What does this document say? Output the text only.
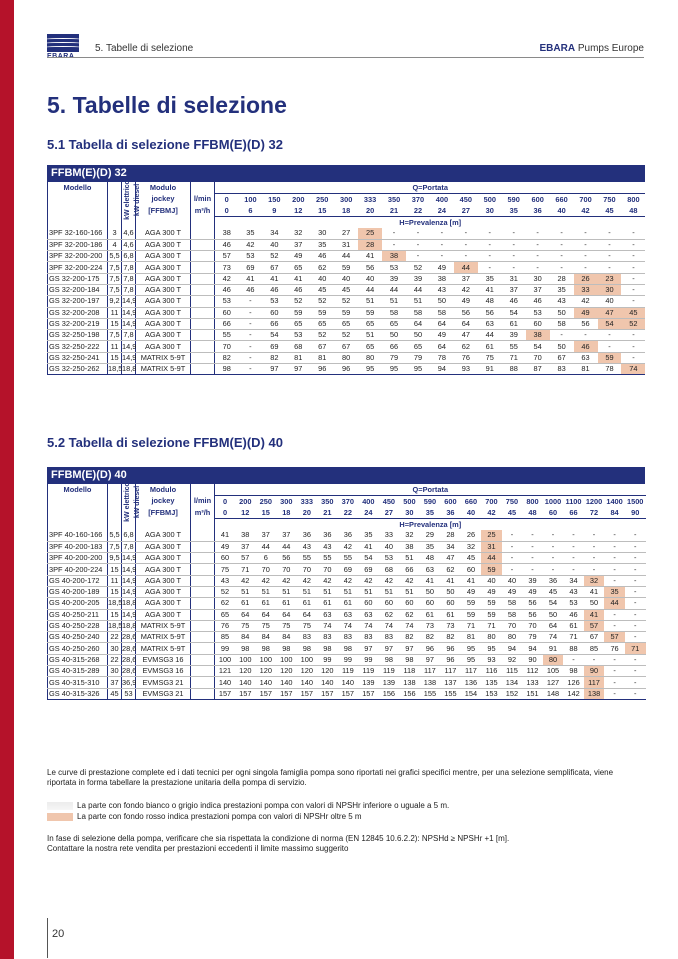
EBARA
5. Tabelle di selezione	EBARA Pumps Europe
5. Tabelle di selezione
5.1 Tabella di selezione FFBM(E)(D) 32
FFBM(E)(D) 32
Modello	kW elettrico	kW diesel	Modulo		Q=Portata																	
			jockey	l/min	0	100	150	200	250	300	333	350	370	400	450	500	590	600	660	700	750	800
			[FFBMJ]	m³/h	0	6	9	12	15	18	20	21	22	24	27	30	35	36	40	42	45	48
					H=Prevalenza [m]																	
3PF 32-160-166	3	4,6	AGA 300 T		38	35	34	32	30	27	25	-	-	-	-	-	-	-	-	-	-	-
3PF 32-200-186	4	4,6	AGA 300 T		46	42	40	37	35	31	28	-	-	-	-	-	-	-	-	-	-	-
3PF 32-200-200	5,5	6,8	AGA 300 T		57	53	52	49	46	44	41	38	-	-	-	-	-	-	-	-	-	-
3PF 32-200-224	7,5	7,8	AGA 300 T		73	69	67	65	62	59	56	53	52	49	44	-	-	-	-	-	-	-
GS 32-200-175	7,5	7,8	AGA 300 T		42	41	41	41	40	40	40	39	39	38	37	35	31	30	28	26	23	-
GS 32-200-184	7,5	7,8	AGA 300 T		46	46	46	46	45	45	44	44	44	43	42	41	37	37	35	33	30	-
GS 32-200-197	9,2	14,9	AGA 300 T		53	-	53	52	52	52	51	51	51	50	49	48	46	46	43	42	40	-
GS 32-200-208	11	14,9	AGA 300 T		60	-	60	59	59	59	59	58	58	58	56	56	54	53	50	49	47	45
GS 32-200-219	15	14,9	AGA 300 T		66	-	66	65	65	65	65	65	64	64	64	63	61	60	58	56	54	52
GS 32-250-198	7,5	7,8	AGA 300 T		55	-	54	53	52	52	51	50	50	49	47	44	39	38	-	-	-	-
GS 32-250-222	11	14,9	AGA 300 T		70	-	69	68	67	67	65	66	65	64	62	61	55	54	50	46	-	-
GS 32-250-241	15	14,9	MATRIX 5-9T		82	-	82	81	81	80	80	79	79	78	76	75	71	70	67	63	59	-
GS 32-250-262	18,5	18,8	MATRIX 5-9T		98	-	97	97	96	96	95	95	95	94	93	91	88	87	83	81	78	74
5.2 Tabella di selezione FFBM(E)(D) 40
FFBM(E)(D) 40
Modello	kW elettrico	kW diesel	Modulo		Q=Portata																				
			jockey	l/min	0	200	250	300	333	350	370	400	450	500	590	600	660	700	750	800	1000	1100	1200	1400	1500
			[FFBMJ]	m³/h	0	12	15	18	20	21	22	24	27	30	35	36	40	42	45	48	60	66	72	84	90
					H=Prevalenza [m]																				
3PF 40-160-166	5,5	6,8	AGA 300 T		41	38	37	37	36	36	36	35	33	32	29	28	26	25	-	-	-	-	-	-	-
3PF 40-200-183	7,5	7,8	AGA 300 T		49	37	44	44	43	43	42	41	40	38	35	34	32	31	-	-	-	-	-	-	-
3PF 40-200-200	9,5	14,9	AGA 300 T		60	57	6	56	55	55	55	54	53	51	48	47	45	44	-	-	-	-	-	-	-
3PF 40-200-224	15	14,9	AGA 300 T		75	71	70	70	70	70	69	69	68	66	63	62	60	59	-	-	-	-	-	-	-
GS 40-200-172	11	14,9	AGA 300 T		43	42	42	42	42	42	42	42	42	42	41	41	41	40	40	39	36	34	32	-	-
GS 40-200-189	15	14,9	AGA 300 T		52	51	51	51	51	51	51	51	51	51	50	50	49	49	49	49	45	43	41	35	-
GS 40-200-205	18,5	18,8	AGA 300 T		62	61	61	61	61	61	61	60	60	60	60	60	59	59	58	56	54	53	50	44	-
GS 40-250-211	15	14,9	AGA 300 T		65	64	64	64	64	63	63	63	62	62	61	61	59	59	58	56	50	46	41	-	-
GS 40-250-228	18,5	18,8	MATRIX 5-9T		76	75	75	75	75	74	74	74	74	74	73	73	71	71	70	70	64	61	57	-	-
GS 40-250-240	22	28,6	MATRIX 5-9T		85	84	84	84	83	83	83	83	83	82	82	82	81	80	80	79	74	71	67	57	-
GS 40-250-260	30	28,6	MATRIX 5-9T		99	98	98	98	98	98	98	97	97	97	96	96	95	95	94	94	91	88	85	76	71
GS 40-315-268	22	28,6	EVMSG3 16		100	100	100	100	100	99	99	99	98	98	97	96	95	93	92	90	80	-	-	-	-
GS 40-315-289	30	28,6	EVMSG3 16		121	120	120	120	120	120	119	119	119	118	117	117	117	116	115	112	105	98	90	-	-
GS 40-315-310	37	36,9	EVMSG3 21		140	140	140	140	140	140	140	139	139	138	138	137	136	135	134	133	127	126	117	-	-
GS 40-315-326	45	53	EVMSG3 21		157	157	157	157	157	157	157	157	156	156	155	155	154	153	152	151	148	142	138	-	-
Le curve di prestazione complete ed i dati tecnici per ogni singola famiglia pompa sono riportati nei grafici specifici mentre, per una selezione semplificata, viene riportata in forma tabellare la prestazione unitaria della pompa di servizio.
La parte con fondo bianco o grigio indica prestazioni pompa con valori di NPSHr inferiore o uguale a 5 m.
La parte con fondo rosso indica prestazioni pompa con valori di NPSHr oltre 5 m
In fase di selezione della pompa, verificare che sia rispettata la condizione di norma (EN 12845 10.6.2.2): NPSHd ≥ NPSHr +1 [m].
Contattare la nostra rete vendita per prestazioni eccedenti il limite massimo suggerito
20
